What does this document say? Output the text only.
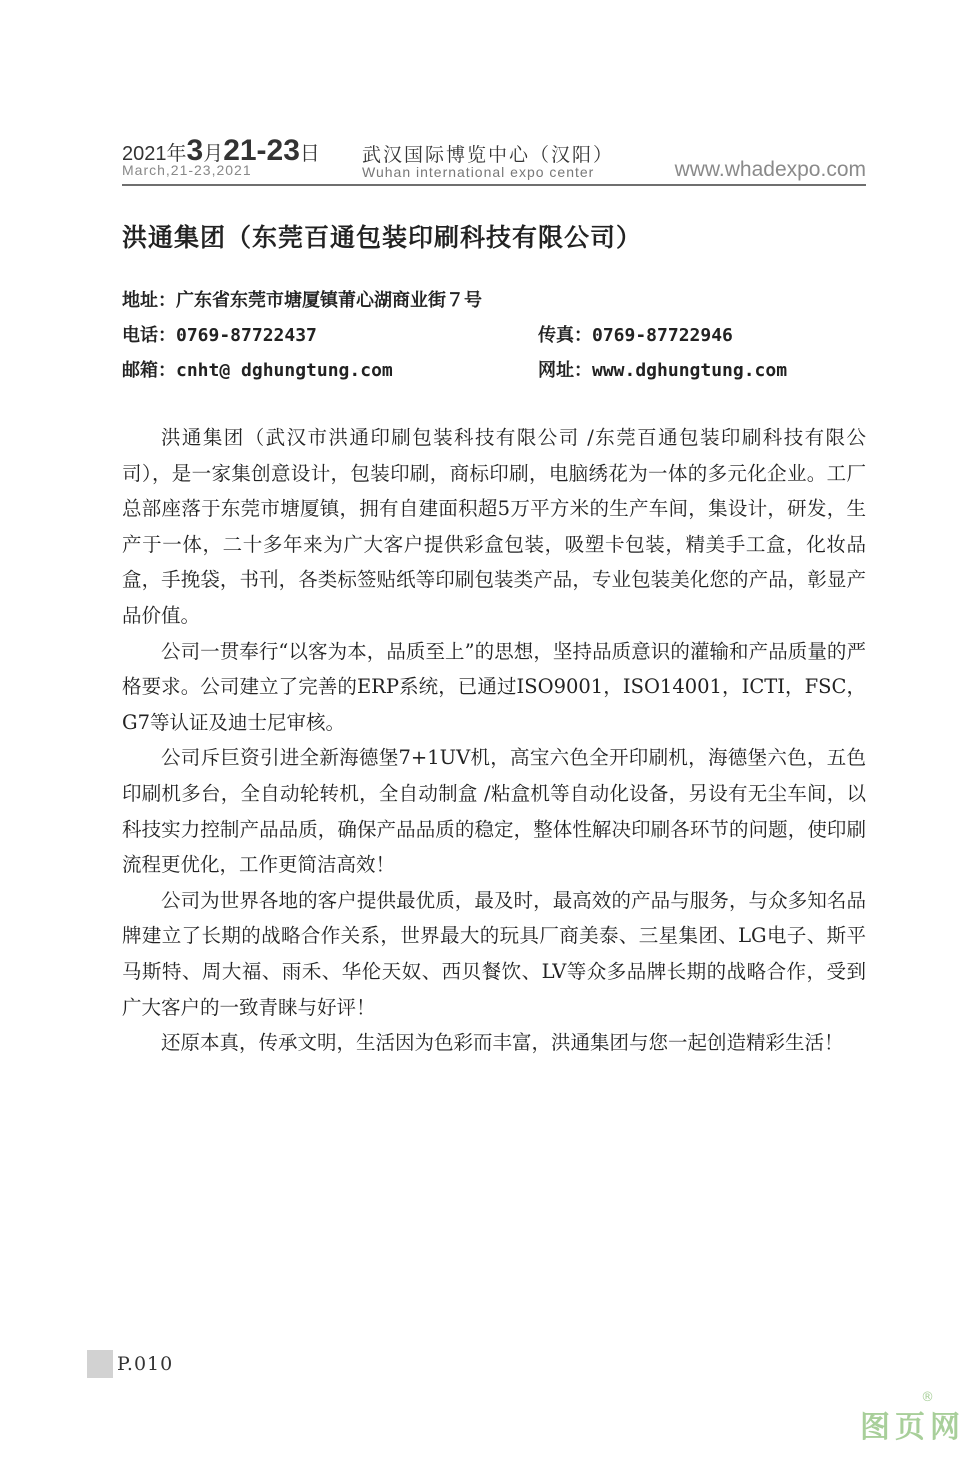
2021年3月21-23日
March,21-23,2021
武汉国际博览中心（汉阳）
Wuhan international expo center	www.whadexpo.com
洪通集团（东莞百通包装印刷科技有限公司）
地址：广东省东莞市塘厦镇莆心湖商业街７号
电话：0769-87722437	传真：0769-87722946
邮箱：cnht@ dghungtung.com	网址：www.dghungtung.com

洪通集团（武汉市洪通印刷包装科技有限公司 /东莞百通包装印刷科技有限公司），是一家集创意设计，包装印刷，商标印刷，电脑绣花为一体的多元化企业。工厂总部座落于东莞市塘厦镇，拥有自建面积超5万平方米的生产车间，集设计，研发，生产于一体，二十多年来为广大客户提供彩盒包装，吸塑卡包装，精美手工盒，化妆品盒，手挽袋，书刊，各类标签贴纸等印刷包装类产品，专业包装美化您的产品，彰显产品价值。

公司一贯奉行“以客为本，品质至上”的思想，坚持品质意识的灌输和产品质量的严格要求。公司建立了完善的ERP系统，已通过ISO9001，ISO14001，ICTI，FSC，G7等认证及迪士尼审核。

公司斥巨资引进全新海德堡7+1UV机，高宝六色全开印刷机，海德堡六色，五色印刷机多台，全自动轮转机，全自动制盒 /粘盒机等自动化设备，另设有无尘车间，以科技实力控制产品品质，确保产品品质的稳定，整体性解决印刷各环节的问题，使印刷流程更优化，工作更简洁高效！

公司为世界各地的客户提供最优质，最及时，最高效的产品与服务，与众多知名品牌建立了长期的战略合作关系，世界最大的玩具厂商美泰、三星集团、LG电子、斯平马斯特、周大福、雨禾、华伦天奴、西贝餐饮、LV等众多品牌长期的战略合作，受到广大客户的一致青睐与好评！

还原本真，传承文明，生活因为色彩而丰富，洪通集团与您一起创造精彩生活！

P.010
图页网
®
